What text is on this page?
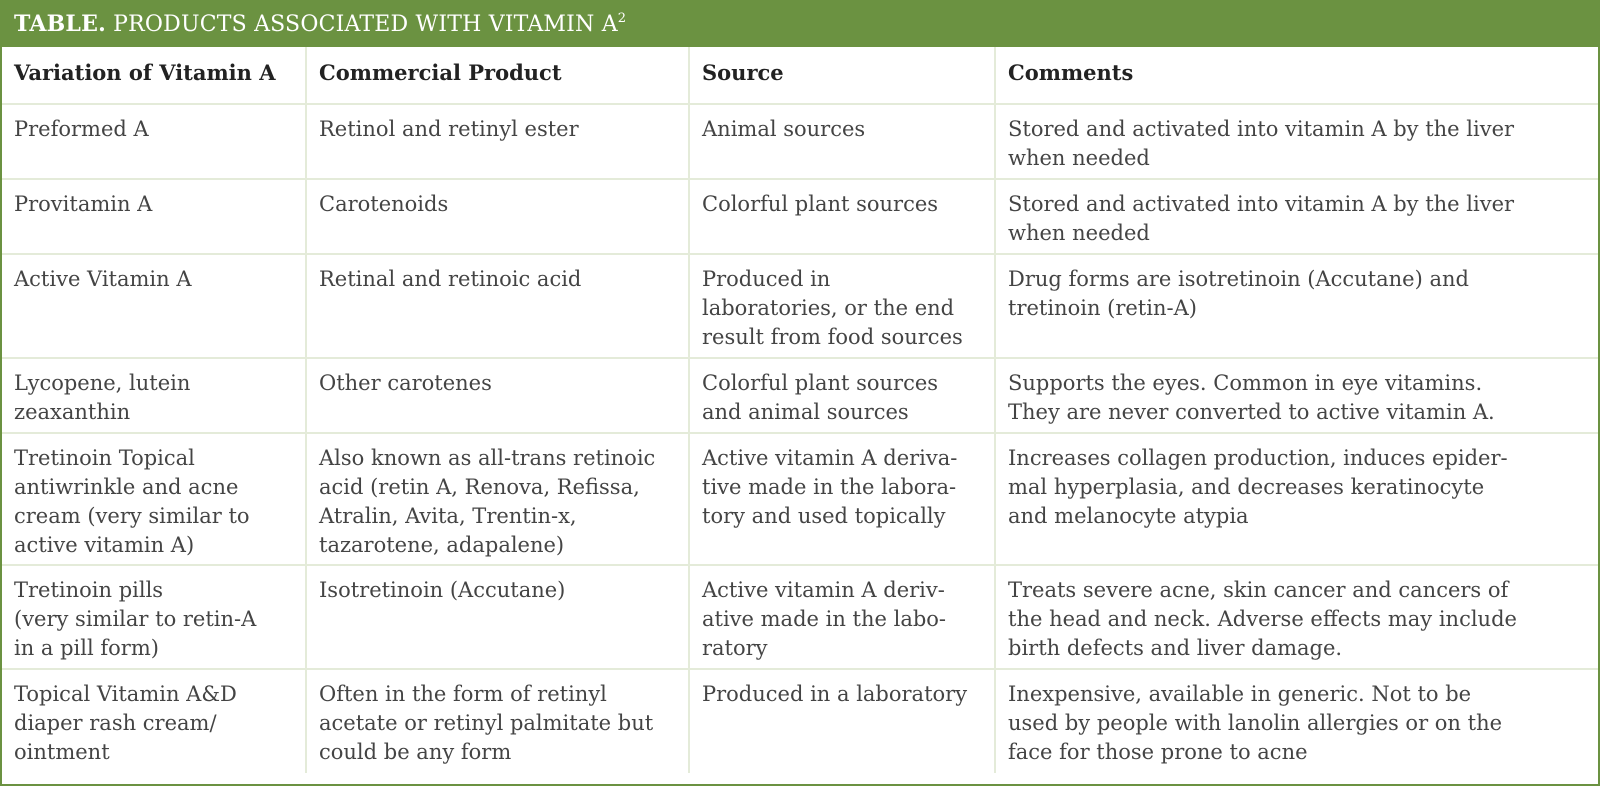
TABLE. PRODUCTS ASSOCIATED WITH VITAMIN $A^2$
Variation of Vitamin A	Commercial Product	Source	Comments

Preformed A	Retinol and retinyl ester	Animal sources	Stored and activated into vitamin A by the liver
when needed

Provitamin A	Carotenoids	Colorful plant sources	Stored and activated into vitamin A by the liver
when needed

Active Vitamin A	Retinal and retinoic acid	Produced in
laboratories, or the end
result from food sources	Drug forms are isotretinoin (Accutane) and
tretinoin (retin-A)

Lycopene, lutein
zeaxanthin	Other carotenes	Colorful plant sources
and animal sources	Supports the eyes. Common in eye vitamins.
They are never converted to active vitamin A.

Tretinoin Topical
antiwrinkle and acne
cream (very similar to
active vitamin A)	Also known as all-trans retinoic
acid (retin A, Renova, Refissa,
Atralin, Avita, Trentin-x,
tazarotene, adapalene)	Active vitamin A deriva-
tive made in the labora-
tory and used topically	Increases collagen production, induces epider-
mal hyperplasia, and decreases keratinocyte
and melanocyte atypia

Tretinoin pills
(very similar to retin-A
in a pill form)	Isotretinoin (Accutane)	Active vitamin A deriv-
ative made in the labo-
ratory	Treats severe acne, skin cancer and cancers of
the head and neck. Adverse effects may include
birth defects and liver damage.

Topical Vitamin A&D
diaper rash cream/
ointment	Often in the form of retinyl
acetate or retinyl palmitate but
could be any form	Produced in a laboratory	Inexpensive, available in generic. Not to be
used by people with lanolin allergies or on the
face for those prone to acne
